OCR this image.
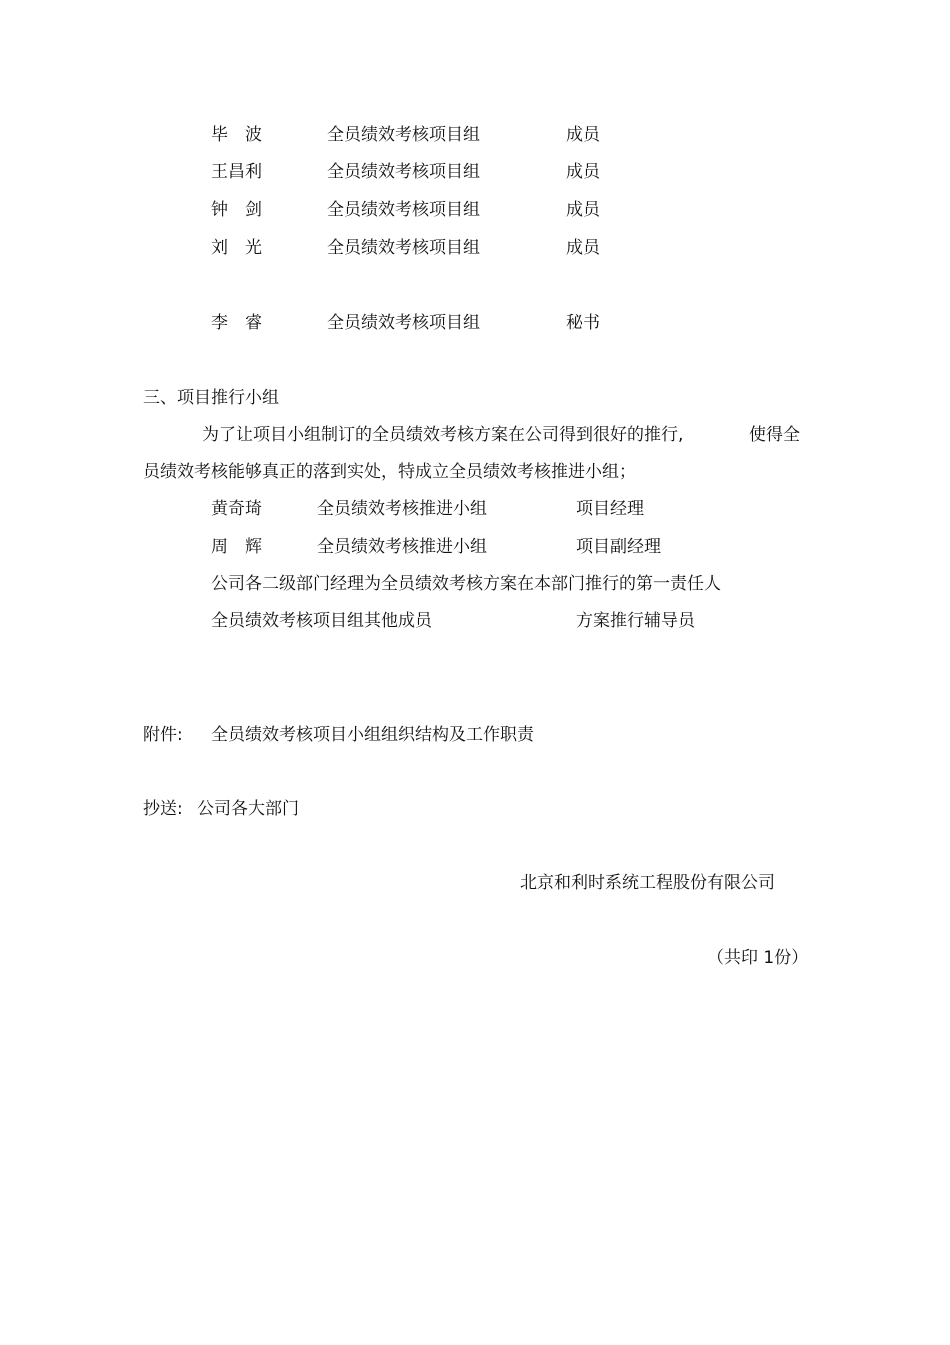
毕　波	全员绩效考核项目组	成员
王昌利	全员绩效考核项目组	成员
钟　剑	全员绩效考核项目组	成员
刘　光	全员绩效考核项目组	成员
李　睿	全员绩效考核项目组	秘书
三、项目推行小组
为了让项目小组制订的全员绩效考核方案在公司得到很好的推行,	使得全
员绩效考核能够真正的落到实处，特成立全员绩效考核推进小组；
黄奇琦	全员绩效考核推进小组	项目经理
周　辉	全员绩效考核推进小组	项目副经理
公司各二级部门经理为全员绩效考核方案在本部门推行的第一责任人
全员绩效考核项目组其他成员	方案推行辅导员
附件: 全员绩效考核项目小组组织结构及工作职责
抄送: 公司各大部门
北京和利时系统工程股份有限公司
（共印 1份）
